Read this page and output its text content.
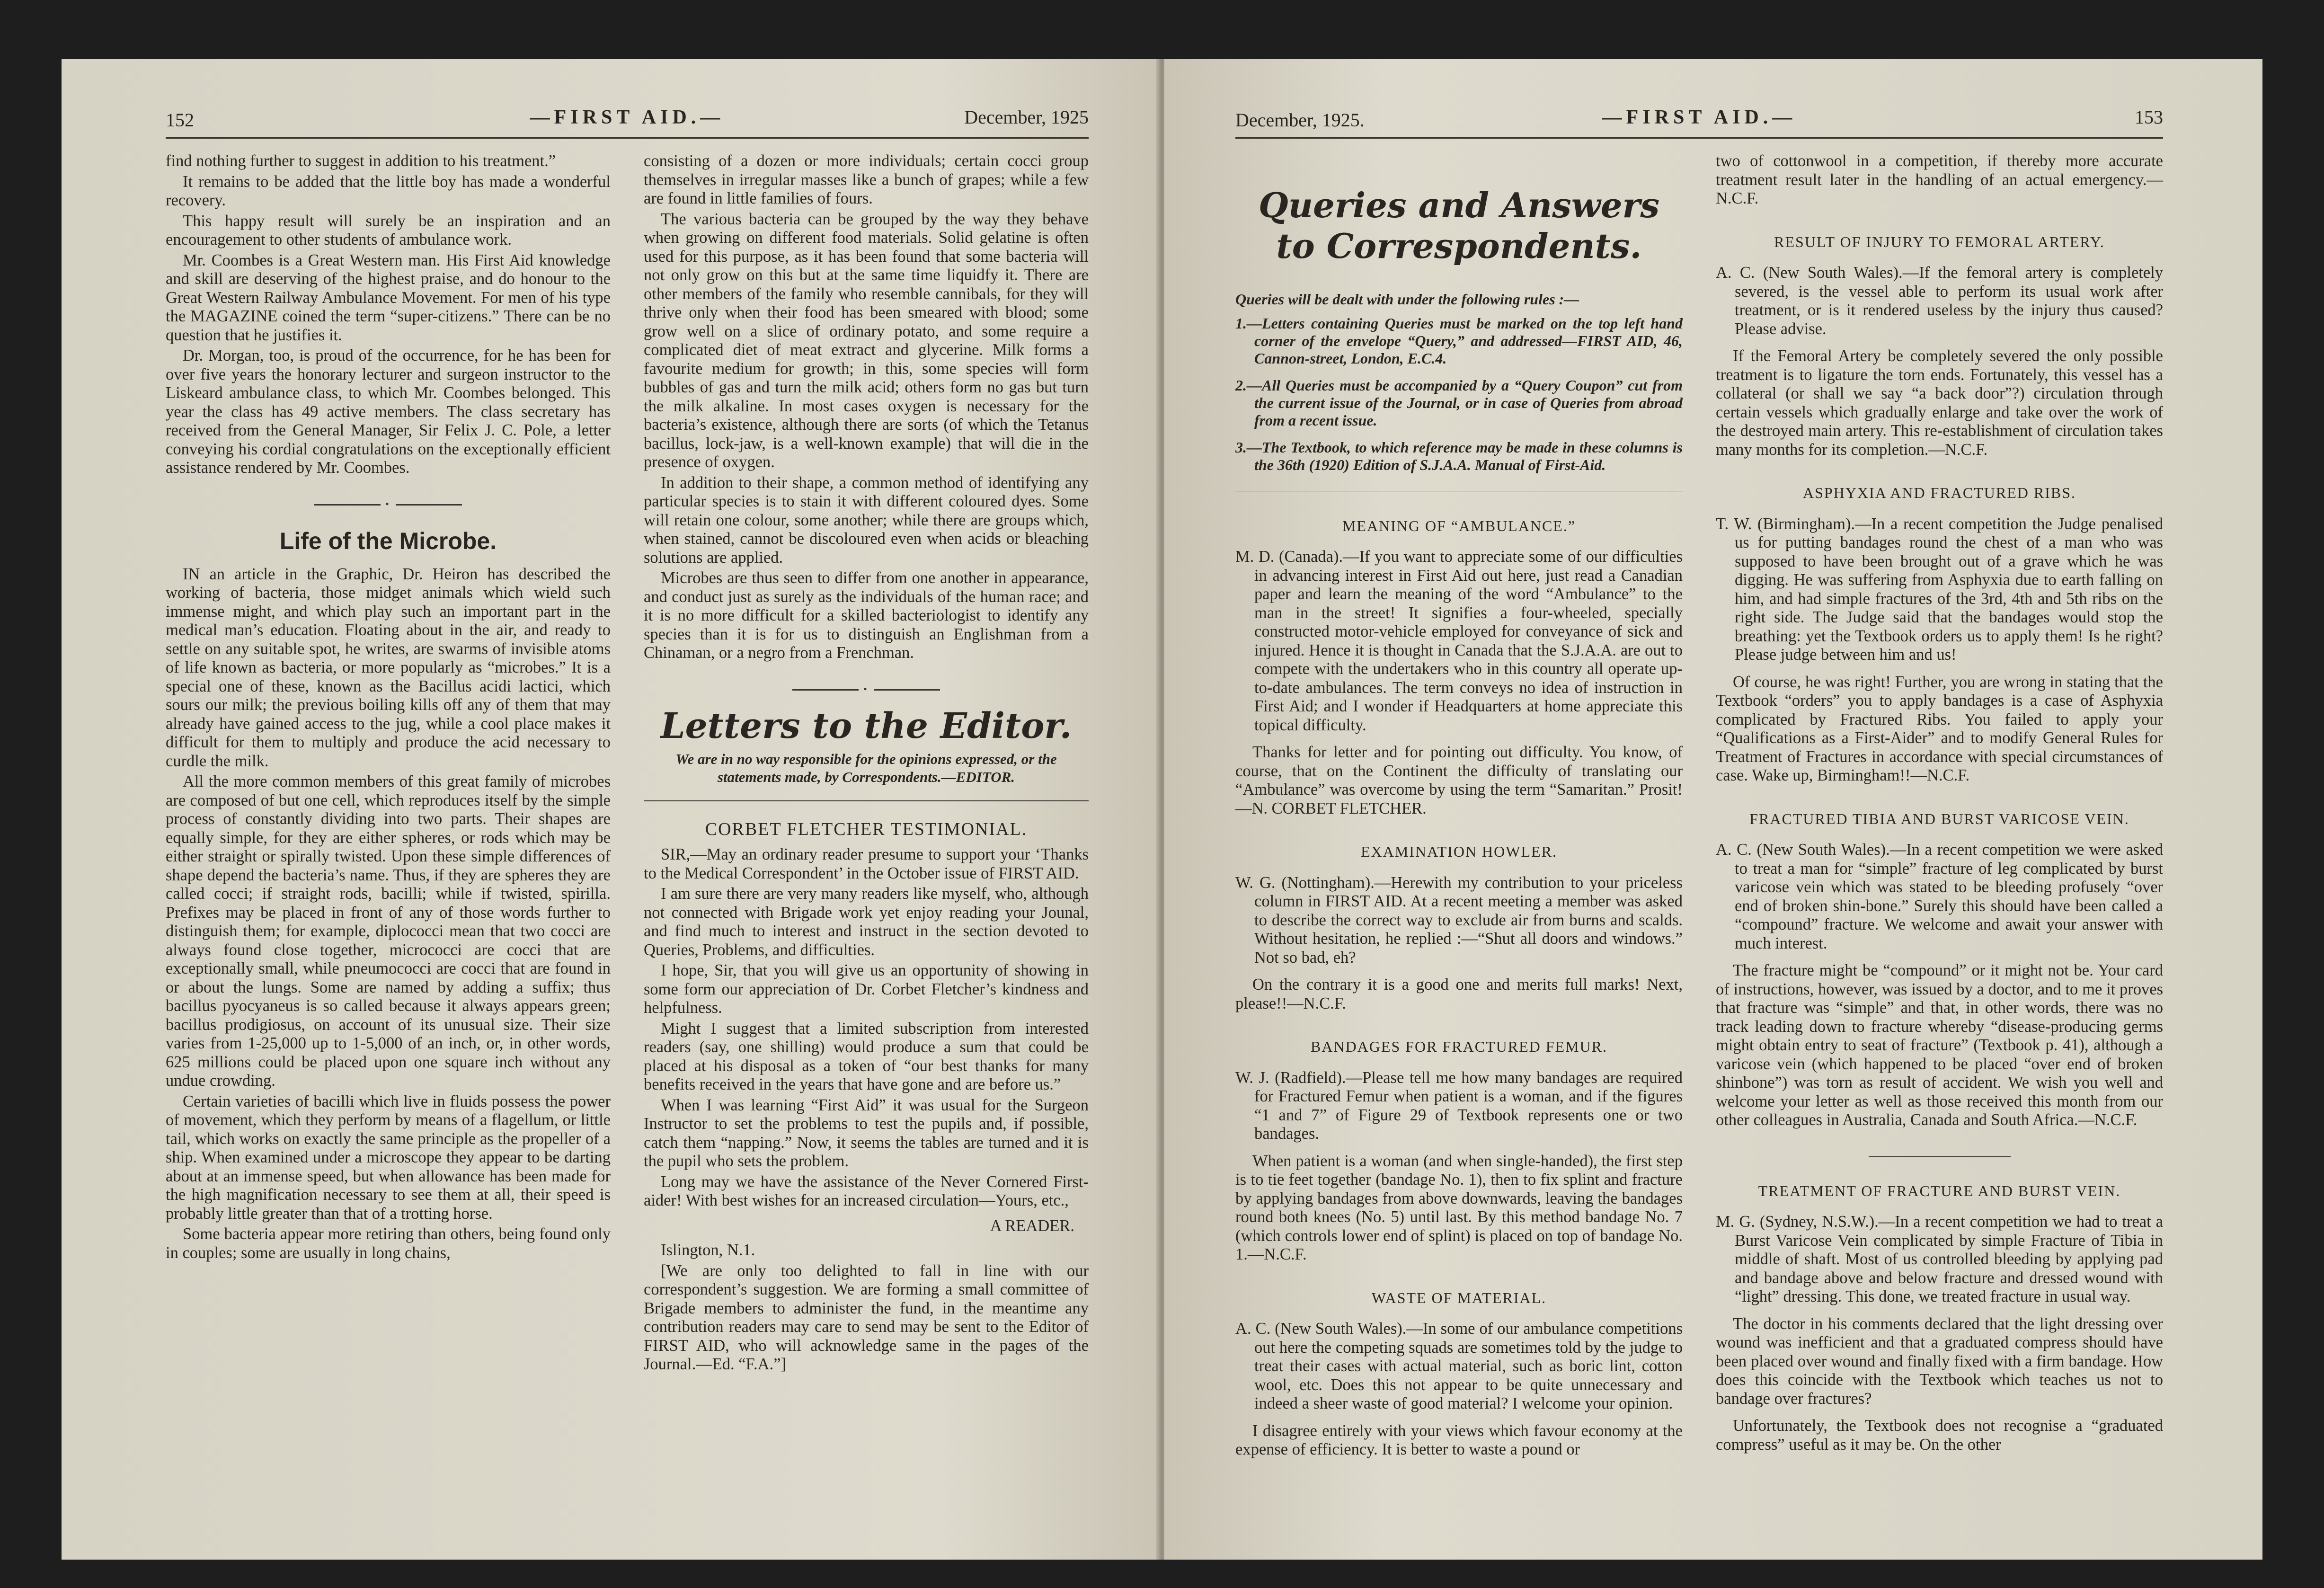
152	—FIRST AID.—	December, 1925

find nothing further to suggest in addition to his treatment.”

It remains to be added that the little boy has made a wonderful recovery.

This happy result will surely be an inspiration and an encouragement to other students of ambulance work.

Mr. Coombes is a Great Western man. His First Aid knowledge and skill are deserving of the highest praise, and do honour to the Great Western Railway Ambulance Movement. For men of his type the MAGAZINE coined the term “super-citizens.” There can be no question that he justifies it.

Dr. Morgan, too, is proud of the occurrence, for he has been for over five years the honorary lecturer and surgeon instructor to the Liskeard ambulance class, to which Mr. Coombes belonged. This year the class has 49 active members. The class secretary has received from the General Manager, Sir Felix J. C. Pole, a letter conveying his cordial congratulations on the exceptionally efficient assistance rendered by Mr. Coombes.

•
Life of the Microbe.

IN an article in the Graphic, Dr. Heiron has described the working of bacteria, those midget animals which wield such immense might, and which play such an important part in the medical man’s education. Floating about in the air, and ready to settle on any suitable spot, he writes, are swarms of invisible atoms of life known as bacteria, or more popularly as “microbes.” It is a special one of these, known as the Bacillus acidi lactici, which sours our milk; the previous boiling kills off any of them that may already have gained access to the jug, while a cool place makes it difficult for them to multiply and produce the acid necessary to curdle the milk.

All the more common members of this great family of microbes are composed of but one cell, which reproduces itself by the simple process of constantly dividing into two parts. Their shapes are equally simple, for they are either spheres, or rods which may be either straight or spirally twisted. Upon these simple differences of shape depend the bacteria’s name. Thus, if they are spheres they are called cocci; if straight rods, bacilli; while if twisted, spirilla. Prefixes may be placed in front of any of those words further to distinguish them; for example, diplococci mean that two cocci are always found close together, micrococci are cocci that are exceptionally small, while pneumococci are cocci that are found in or about the lungs. Some are named by adding a suffix; thus bacillus pyocyaneus is so called because it always appears green; bacillus prodigiosus, on account of its unusual size. Their size varies from 1-25,000 up to 1-5,000 of an inch, or, in other words, 625 millions could be placed upon one square inch without any undue crowding.

Certain varieties of bacilli which live in fluids possess the power of movement, which they perform by means of a flagellum, or little tail, which works on exactly the same principle as the propeller of a ship. When examined under a microscope they appear to be darting about at an immense speed, but when allowance has been made for the high magnification necessary to see them at all, their speed is probably little greater than that of a trotting horse.

Some bacteria appear more retiring than others, being found only in couples; some are usually in long chains,

consisting of a dozen or more individuals; certain cocci group themselves in irregular masses like a bunch of grapes; while a few are found in little families of fours.

The various bacteria can be grouped by the way they behave when growing on different food materials. Solid gelatine is often used for this purpose, as it has been found that some bacteria will not only grow on this but at the same time liquidfy it. There are other members of the family who resemble cannibals, for they will thrive only when their food has been smeared with blood; some grow well on a slice of ordinary potato, and some require a complicated diet of meat extract and glycerine. Milk forms a favourite medium for growth; in this, some species will form bubbles of gas and turn the milk acid; others form no gas but turn the milk alkaline. In most cases oxygen is necessary for the bacteria’s existence, although there are sorts (of which the Tetanus bacillus, lock-jaw, is a well-known example) that will die in the presence of oxygen.

In addition to their shape, a common method of identifying any particular species is to stain it with different coloured dyes. Some will retain one colour, some another; while there are groups which, when stained, cannot be discoloured even when acids or bleaching solutions are applied.

Microbes are thus seen to differ from one another in appearance, and conduct just as surely as the individuals of the human race; and it is no more difficult for a skilled bacteriologist to identify any species than it is for us to distinguish an Englishman from a Chinaman, or a negro from a Frenchman.

•
Letters to the Editor.
We are in no way responsible for the opinions expressed, or the statements made, by Correspondents.—EDITOR.
CORBET FLETCHER TESTIMONIAL.

SIR,—May an ordinary reader presume to support your ‘Thanks to the Medical Correspondent’ in the October issue of FIRST AID.

I am sure there are very many readers like myself, who, although not connected with Brigade work yet enjoy reading your Jounal, and find much to interest and instruct in the section devoted to Queries, Problems, and difficulties.

I hope, Sir, that you will give us an opportunity of showing in some form our appreciation of Dr. Corbet Fletcher’s kindness and helpfulness.

Might I suggest that a limited subscription from interested readers (say, one shilling) would produce a sum that could be placed at his disposal as a token of “our best thanks for many benefits received in the years that have gone and are before us.”

When I was learning “First Aid” it was usual for the Surgeon Instructor to set the problems to test the pupils and, if possible, catch them “napping.” Now, it seems the tables are turned and it is the pupil who sets the problem.

Long may we have the assistance of the Never Cornered First-aider! With best wishes for an increased circulation—Yours, etc.,

A READER.

Islington, N.1.

[We are only too delighted to fall in line with our correspondent’s suggestion. We are forming a small committee of Brigade members to administer the fund, in the meantime any contribution readers may care to send may be sent to the Editor of FIRST AID, who will acknowledge same in the pages of the Journal.—Ed. “F.A.”]

December, 1925.	—FIRST AID.—	153
Queries and Answers to Correspondents.
Queries will be dealt with under the following rules :—
1.—Letters containing Queries must be marked on the top left hand corner of the envelope “Query,” and addressed—FIRST AID, 46, Cannon-street, London, E.C.4.
2.—All Queries must be accompanied by a “Query Coupon” cut from the current issue of the Journal, or in case of Queries from abroad from a recent issue.
3.—The Textbook, to which reference may be made in these columns is the 36th (1920) Edition of S.J.A.A. Manual of First-Aid.
MEANING OF “AMBULANCE.”

M. D. (Canada).—If you want to appreciate some of our difficulties in advancing interest in First Aid out here, just read a Canadian paper and learn the meaning of the word “Ambulance” to the man in the street! It signifies a four-wheeled, specially constructed motor-vehicle employed for conveyance of sick and injured. Hence it is thought in Canada that the S.J.A.A. are out to compete with the undertakers who in this country all operate up-to-date ambulances. The term conveys no idea of instruction in First Aid; and I wonder if Headquarters at home appreciate this topical difficulty.

Thanks for letter and for pointing out difficulty. You know, of course, that on the Continent the difficulty of translating our “Ambulance” was overcome by using the term “Samaritan.” Prosit!—N. CORBET FLETCHER.

EXAMINATION HOWLER.

W. G. (Nottingham).—Herewith my contribution to your priceless column in FIRST AID. At a recent meeting a member was asked to describe the correct way to exclude air from burns and scalds. Without hesitation, he replied :—“Shut all doors and windows.” Not so bad, eh?

On the contrary it is a good one and merits full marks! Next, please!!—N.C.F.

BANDAGES FOR FRACTURED FEMUR.

W. J. (Radfield).—Please tell me how many bandages are required for Fractured Femur when patient is a woman, and if the figures “1 and 7” of Figure 29 of Textbook represents one or two bandages.

When patient is a woman (and when single-handed), the first step is to tie feet together (bandage No. 1), then to fix splint and fracture by applying bandages from above downwards, leaving the bandages round both knees (No. 5) until last. By this method bandage No. 7 (which controls lower end of splint) is placed on top of bandage No. 1.—N.C.F.

WASTE OF MATERIAL.

A. C. (New South Wales).—In some of our ambulance competitions out here the competing squads are sometimes told by the judge to treat their cases with actual material, such as boric lint, cotton wool, etc. Does this not appear to be quite unnecessary and indeed a sheer waste of good material? I welcome your opinion.

I disagree entirely with your views which favour economy at the expense of efficiency. It is better to waste a pound or

two of cottonwool in a competition, if thereby more accurate treatment result later in the handling of an actual emergency.—N.C.F.

RESULT OF INJURY TO FEMORAL ARTERY.

A. C. (New South Wales).—If the femoral artery is completely severed, is the vessel able to perform its usual work after treatment, or is it rendered useless by the injury thus caused? Please advise.

If the Femoral Artery be completely severed the only possible treatment is to ligature the torn ends. Fortunately, this vessel has a collateral (or shall we say “a back door”?) circulation through certain vessels which gradually enlarge and take over the work of the destroyed main artery. This re-establishment of circulation takes many months for its completion.—N.C.F.

ASPHYXIA AND FRACTURED RIBS.

T. W. (Birmingham).—In a recent competition the Judge penalised us for putting bandages round the chest of a man who was supposed to have been brought out of a grave which he was digging. He was suffering from Asphyxia due to earth falling on him, and had simple fractures of the 3rd, 4th and 5th ribs on the right side. The Judge said that the bandages would stop the breathing: yet the Textbook orders us to apply them! Is he right? Please judge between him and us!

Of course, he was right! Further, you are wrong in stating that the Textbook “orders” you to apply bandages is a case of Asphyxia complicated by Fractured Ribs. You failed to apply your “Qualifications as a First-Aider” and to modify General Rules for Treatment of Fractures in accordance with special circumstances of case. Wake up, Birmingham!!—N.C.F.

FRACTURED TIBIA AND BURST VARICOSE VEIN.

A. C. (New South Wales).—In a recent competition we were asked to treat a man for “simple” fracture of leg complicated by burst varicose vein which was stated to be bleeding profusely “over end of broken shin-bone.” Surely this should have been called a “compound” fracture. We welcome and await your answer with much interest.

The fracture might be “compound” or it might not be. Your card of instructions, however, was issued by a doctor, and to me it proves that fracture was “simple” and that, in other words, there was no track leading down to fracture whereby “disease-producing germs might obtain entry to seat of fracture” (Textbook p. 41), although a varicose vein (which happened to be placed “over end of broken shinbone”) was torn as result of accident. We wish you well and welcome your letter as well as those received this month from our other colleagues in Australia, Canada and South Africa.—N.C.F.

TREATMENT OF FRACTURE AND BURST VEIN.

M. G. (Sydney, N.S.W.).—In a recent competition we had to treat a Burst Varicose Vein complicated by simple Fracture of Tibia in middle of shaft. Most of us controlled bleeding by applying pad and bandage above and below fracture and dressed wound with “light” dressing. This done, we treated fracture in usual way.

The doctor in his comments declared that the light dressing over wound was inefficient and that a graduated compress should have been placed over wound and finally fixed with a firm bandage. How does this coincide with the Textbook which teaches us not to bandage over fractures?

Unfortunately, the Textbook does not recognise a “graduated compress” useful as it may be. On the other
